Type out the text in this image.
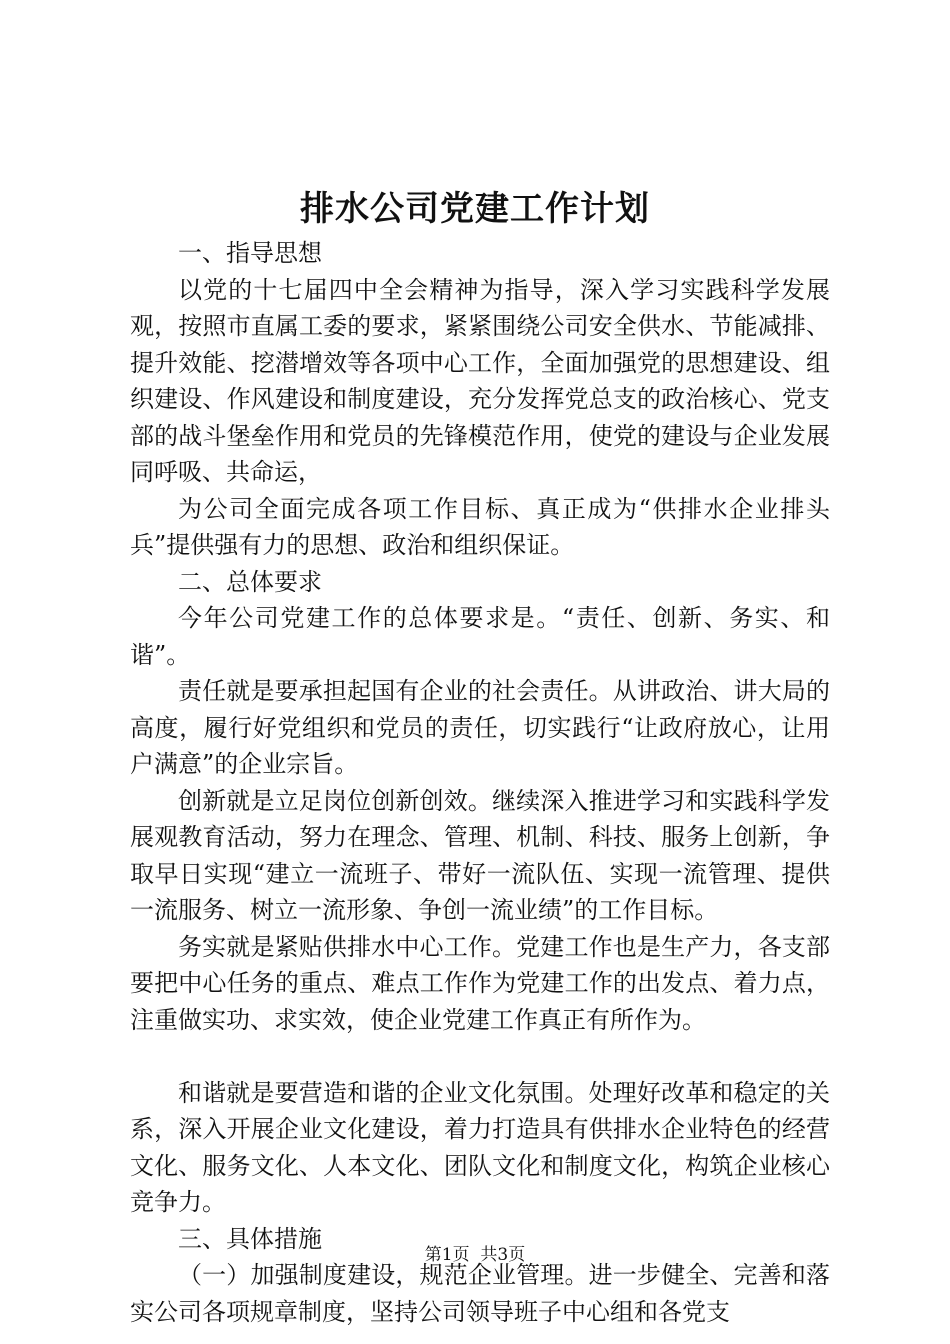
排水公司党建工作计划

一、指导思想

以党的十七届四中全会精神为指导，深入学习实践科学发展观，按照市直属工委的要求，紧紧围绕公司安全供水、节能减排、提升效能、挖潜增效等各项中心工作，全面加强党的思想建设、组织建设、作风建设和制度建设，充分发挥党总支的政治核心、党支部的战斗堡垒作用和党员的先锋模范作用，使党的建设与企业发展同呼吸、共命运，

为公司全面完成各项工作目标、真正成为“供排水企业排头兵”提供强有力的思想、政治和组织保证。

二、总体要求

今年公司党建工作的总体要求是。“责任、创新、务实、和谐”。

责任就是要承担起国有企业的社会责任。从讲政治、讲大局的高度，履行好党组织和党员的责任，切实践行“让政府放心，让用户满意”的企业宗旨。

创新就是立足岗位创新创效。继续深入推进学习和实践科学发展观教育活动，努力在理念、管理、机制、科技、服务上创新，争取早日实现“建立一流班子、带好一流队伍、实现一流管理、提供一流服务、树立一流形象、争创一流业绩”的工作目标。

务实就是紧贴供排水中心工作。党建工作也是生产力，各支部要把中心任务的重点、难点工作作为党建工作的出发点、着力点，注重做实功、求实效，使企业党建工作真正有所作为。

和谐就是要营造和谐的企业文化氛围。处理好改革和稳定的关系，深入开展企业文化建设，着力打造具有供排水企业特色的经营文化、服务文化、人本文化、团队文化和制度文化，构筑企业核心竞争力。

三、具体措施

（一）加强制度建设，规范企业管理。进一步健全、完善和落实公司各项规章制度，坚持公司领导班子中心组和各党支

第1页  共3页
